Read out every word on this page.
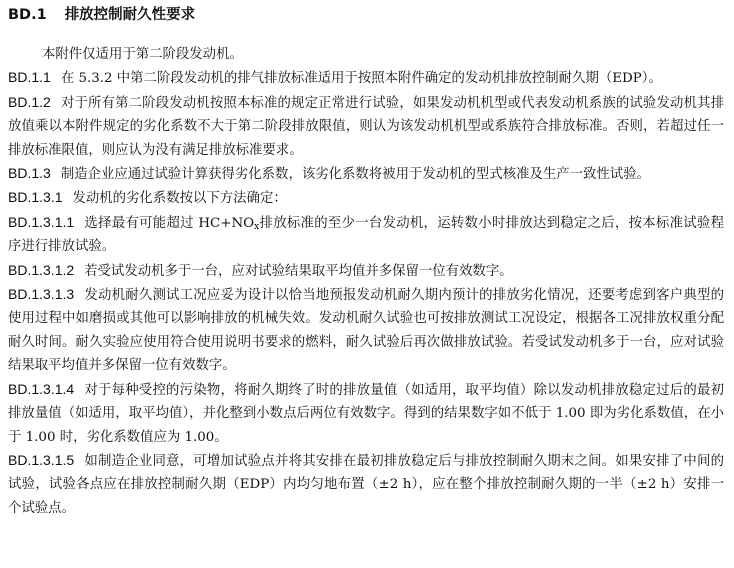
BD.1 排放控制耐久性要求

本附件仅适用于第二阶段发动机。

BD.1.1 在 5.3.2 中第二阶段发动机的排气排放标准适用于按照本附件确定的发动机排放控制耐久期（EDP）。

BD.1.2 对于所有第二阶段发动机按照本标准的规定正常进行试验，如果发动机机型或代表发动机系族的试验发动机其排放值乘以本附件规定的劣化系数不大于第二阶段排放限值，则认为该发动机机型或系族符合排放标准。否则，若超过任一排放标准限值，则应认为没有满足排放标准要求。

BD.1.3 制造企业应通过试验计算获得劣化系数，该劣化系数将被用于发动机的型式核准及生产一致性试验。

BD.1.3.1 发动机的劣化系数按以下方法确定：

BD.1.3.1.1 选择最有可能超过 $HC+NO_x$排放标准的至少一台发动机，运转数小时排放达到稳定之后，按本标准试验程序进行排放试验。

BD.1.3.1.2 若受试发动机多于一台，应对试验结果取平均值并多保留一位有效数字。

BD.1.3.1.3 发动机耐久测试工况应妥为设计以恰当地预报发动机耐久期内预计的排放劣化情况，还要考虑到客户典型的使用过程中如磨损或其他可以影响排放的机械失效。发动机耐久试验也可按排放测试工况设定，根据各工况排放权重分配耐久时间。耐久实验应使用符合使用说明书要求的燃料，耐久试验后再次做排放试验。若受试发动机多于一台，应对试验结果取平均值并多保留一位有效数字。

BD.1.3.1.4 对于每种受控的污染物，将耐久期终了时的排放量值（如适用，取平均值）除以发动机排放稳定过后的最初排放量值（如适用，取平均值），并化整到小数点后两位有效数字。得到的结果数字如不低于 1.00 即为劣化系数值，在小于 1.00 时，劣化系数值应为 1.00。

BD.1.3.1.5 如制造企业同意，可增加试验点并将其安排在最初排放稳定后与排放控制耐久期末之间。如果安排了中间的试验，试验各点应在排放控制耐久期（EDP）内均匀地布置（±2 h），应在整个排放控制耐久期的一半（±2 h）安排一个试验点。
